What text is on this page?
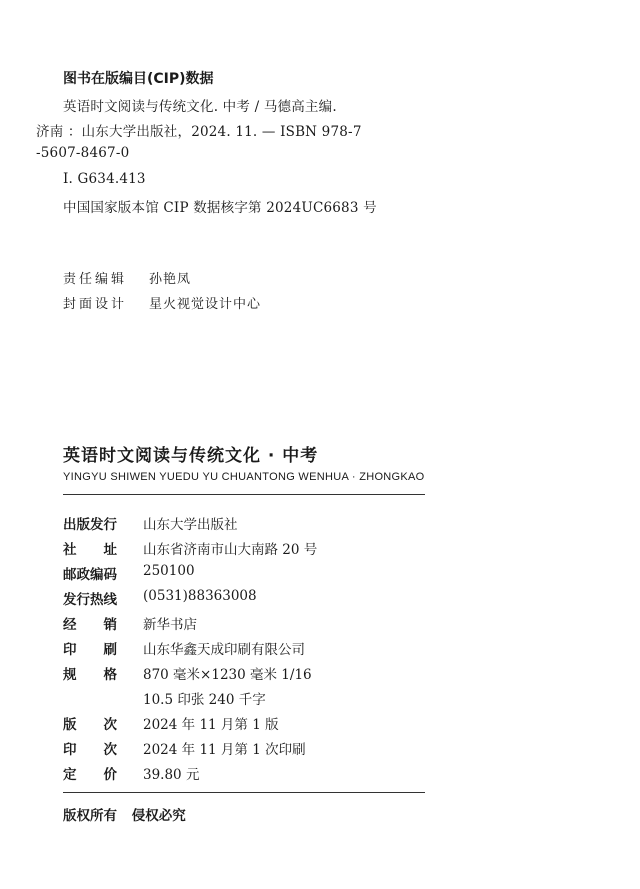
图书在版编目(CIP)数据
英语时文阅读与传统文化. 中考 / 马德高主编.
济南 ：山东大学出版社，2024. 11. — ISBN 978-7
-5607-8467-0
Ⅰ. G634.413
中国国家版本馆 CIP 数据核字第 2024UC6683 号
责任编辑 孙艳凤
封面设计 星火视觉设计中心
英语时文阅读与传统文化 · 中考
YINGYU SHIWEN YUEDU YU CHUANTONG WENHUA · ZHONGKAO
出版发行 山东大学出版社
社　　址 山东省济南市山大南路 20 号
邮政编码 250100
发行热线 (0531)88363008
经　　销 新华书店
印　　刷 山东华鑫天成印刷有限公司
规　　格 870 毫米×1230 毫米 1/16
10.5 印张 240 千字
版　　次 2024 年 11 月第 1 版
印　　次 2024 年 11 月第 1 次印刷
定　　价 39.80 元
版权所有 侵权必究
